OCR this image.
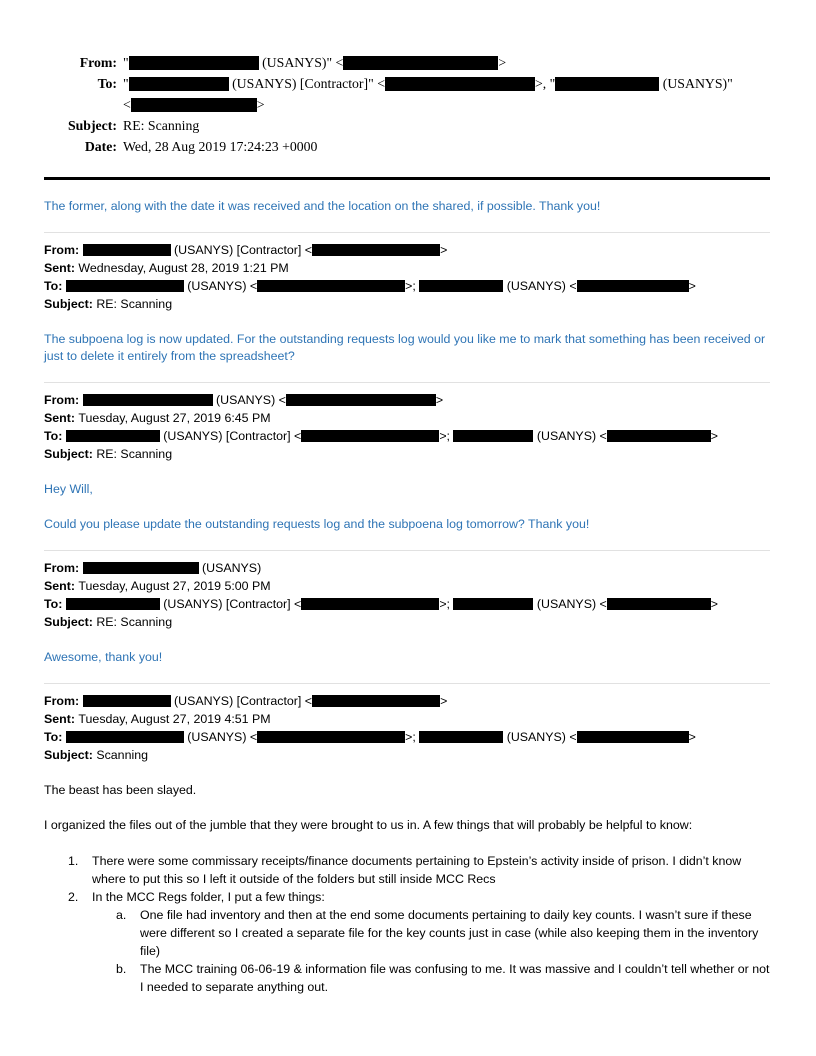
From: "	(USANYS)" <	>
To: "	(USANYS) [Contractor]" <	>, "	(USANYS)"
<	>
Subject: RE: Scanning
Date: Wed, 28 Aug 2019 17:24:23 +0000
The former, along with the date it was received and the location on the shared, if possible. Thank you!
From:	(USANYS) [Contractor] <	>
Sent: Wednesday, August 28, 2019 1:21 PM
To:	(USANYS) <	>;	(USANYS) <	>
Subject: RE: Scanning
The subpoena log is now updated. For the outstanding requests log would you like me to mark that something has been received or just to delete it entirely from the spreadsheet?
From:	(USANYS) <	>
Sent: Tuesday, August 27, 2019 6:45 PM
To:	(USANYS) [Contractor] <	>;	(USANYS) <	>
Subject: RE: Scanning
Hey Will,
Could you please update the outstanding requests log and the subpoena log tomorrow? Thank you!
From:	(USANYS)
Sent: Tuesday, August 27, 2019 5:00 PM
To:	(USANYS) [Contractor] <	>;	(USANYS) <	>
Subject: RE: Scanning
Awesome, thank you!
From:	(USANYS) [Contractor] <	>
Sent: Tuesday, August 27, 2019 4:51 PM
To:	(USANYS) <	>;	(USANYS) <	>
Subject: Scanning
The beast has been slayed.
I organized the files out of the jumble that they were brought to us in. A few things that will probably be helpful to know:
1.	There were some commissary receipts/finance documents pertaining to Epstein’s activity inside of prison. I didn’t know where to put this so I left it outside of the folders but still inside MCC Recs
2.	In the MCC Regs folder, I put a few things:
a.	One file had inventory and then at the end some documents pertaining to daily key counts. I wasn’t sure if these were different so I created a separate file for the key counts just in case (while also keeping them in the inventory file)
b.	The MCC training 06-06-19 & information file was confusing to me. It was massive and I couldn’t tell whether or not I needed to separate anything out.
